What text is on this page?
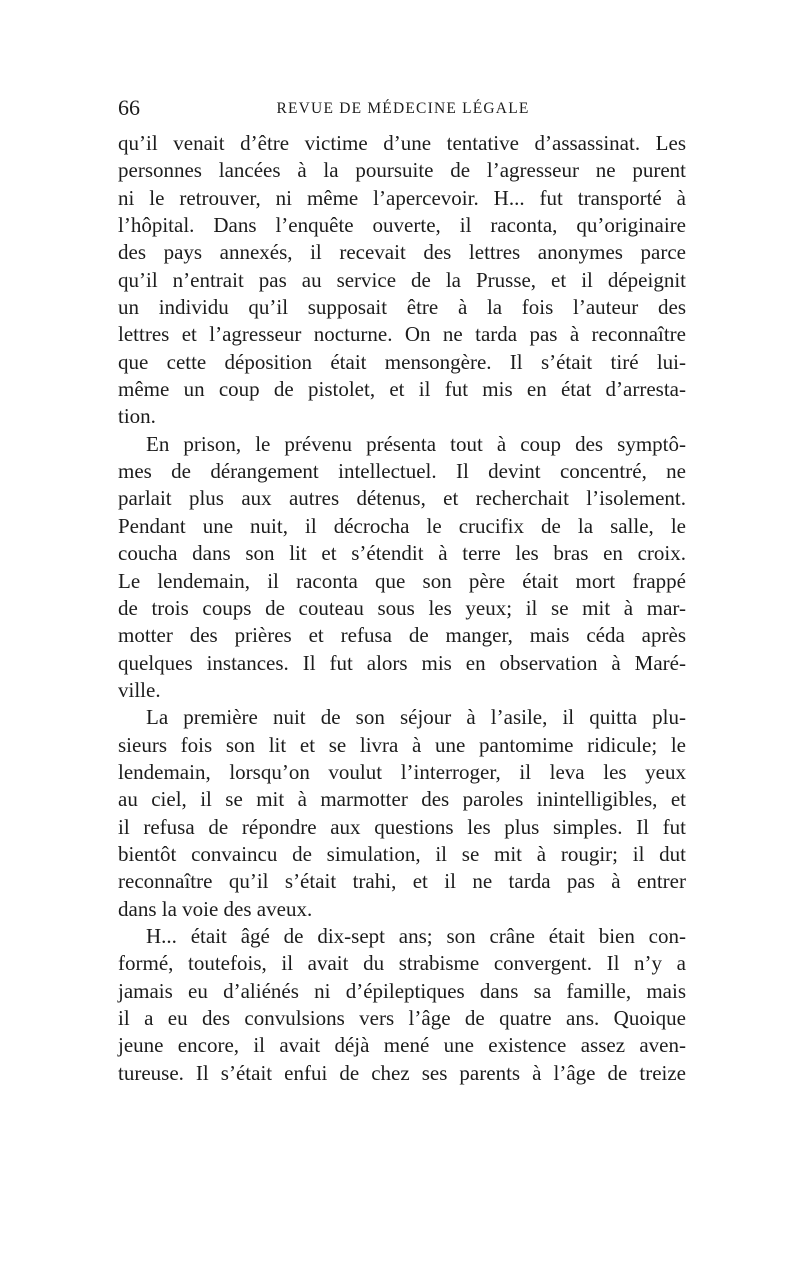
66	REVUE DE MÉDECINE LÉGALE
qu’il venait d’être victime d’une tentative d’assassinat. Les
personnes lancées à la poursuite de l’agresseur ne purent
ni le retrouver, ni même l’apercevoir. H... fut transporté à
l’hôpital. Dans l’enquête ouverte, il raconta, qu’originaire
des pays annexés, il recevait des lettres anonymes parce
qu’il n’entrait pas au service de la Prusse, et il dépeignit
un individu qu’il supposait être à la fois l’auteur des
lettres et l’agresseur nocturne. On ne tarda pas à reconnaître
que cette déposition était mensongère. Il s’était tiré lui-
même un coup de pistolet, et il fut mis en état d’arresta-
tion.
En prison, le prévenu présenta tout à coup des symptô-
mes de dérangement intellectuel. Il devint concentré, ne
parlait plus aux autres détenus, et recherchait l’isolement.
Pendant une nuit, il décrocha le crucifix de la salle, le
coucha dans son lit et s’étendit à terre les bras en croix.
Le lendemain, il raconta que son père était mort frappé
de trois coups de couteau sous les yeux; il se mit à mar-
motter des prières et refusa de manger, mais céda après
quelques instances. Il fut alors mis en observation à Maré-
ville.
La première nuit de son séjour à l’asile, il quitta plu-
sieurs fois son lit et se livra à une pantomime ridicule; le
lendemain, lorsqu’on voulut l’interroger, il leva les yeux
au ciel, il se mit à marmotter des paroles inintelligibles, et
il refusa de répondre aux questions les plus simples. Il fut
bientôt convaincu de simulation, il se mit à rougir; il dut
reconnaître qu’il s’était trahi, et il ne tarda pas à entrer
dans la voie des aveux.
H... était âgé de dix-sept ans; son crâne était bien con-
formé, toutefois, il avait du strabisme convergent. Il n’y a
jamais eu d’aliénés ni d’épileptiques dans sa famille, mais
il a eu des convulsions vers l’âge de quatre ans. Quoique
jeune encore, il avait déjà mené une existence assez aven-
tureuse. Il s’était enfui de chez ses parents à l’âge de treize
